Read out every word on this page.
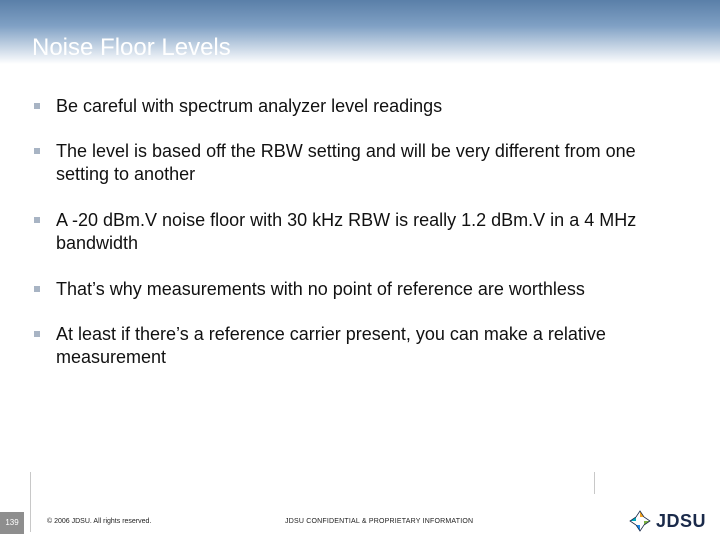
Noise Floor Levels
Be careful with spectrum analyzer level readings
The level is based off the RBW setting and will be very different from one setting to another
A -20 dBm.V noise floor with 30 kHz RBW is really 1.2 dBm.V in a 4 MHz bandwidth
That’s why measurements with no point of reference are worthless
At least if there’s a reference carrier present, you can make a relative measurement
139	© 2006 JDSU. All rights reserved.	JDSU CONFIDENTIAL & PROPRIETARY INFORMATION	JDSU
